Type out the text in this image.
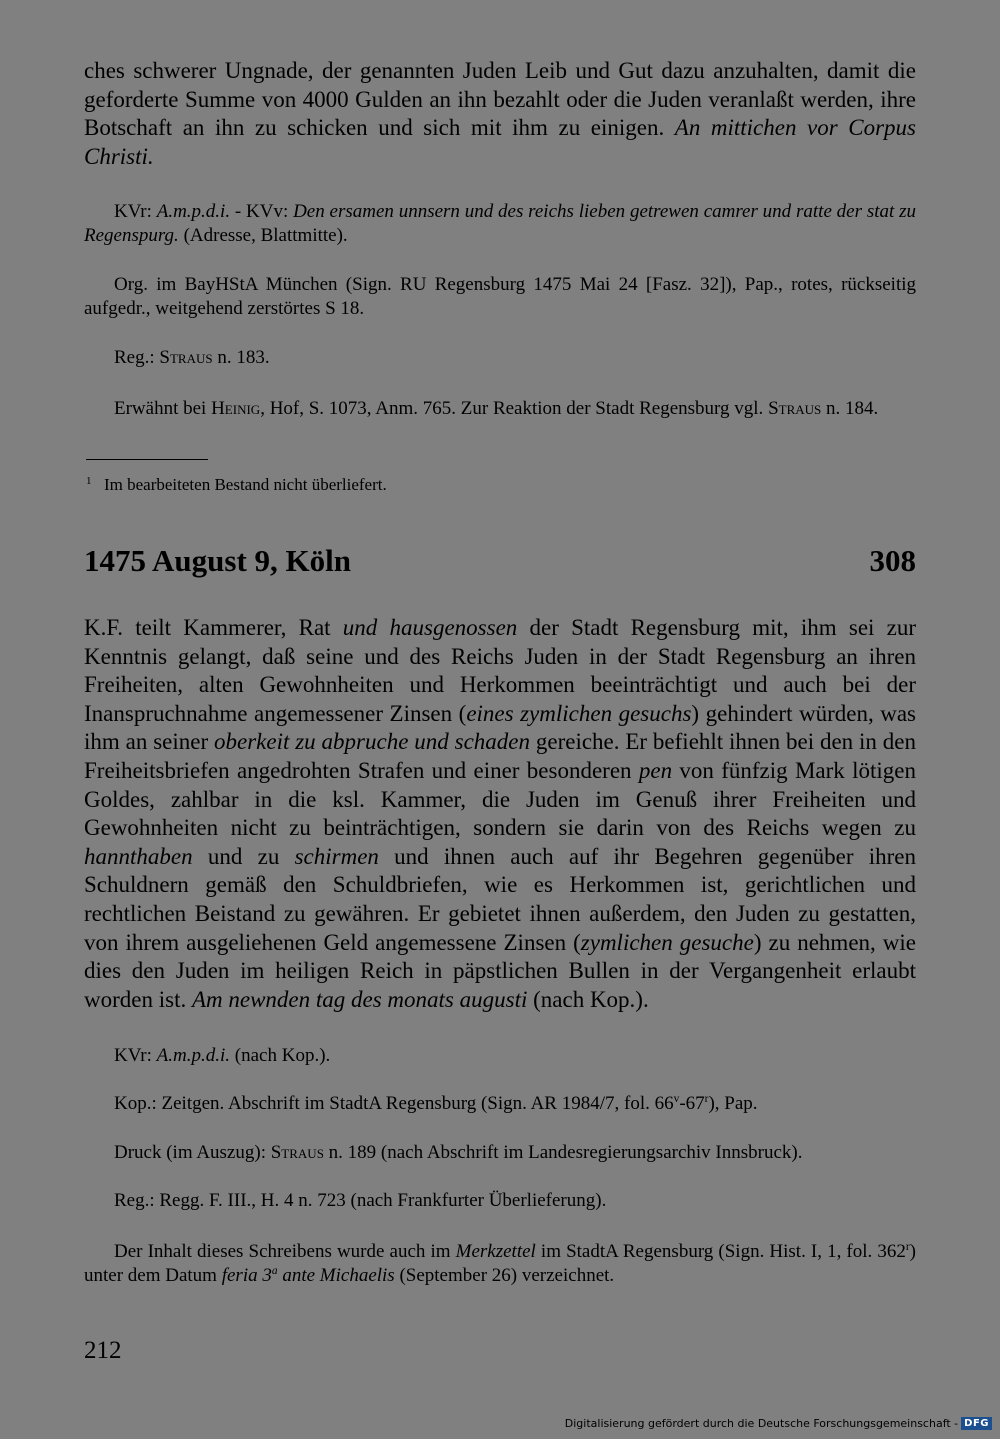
ches schwerer Ungnade, der genannten Juden Leib und Gut dazu anzuhalten, damit die geforderte Summe von 4000 Gulden an ihn bezahlt oder die Juden veranlaßt werden, ihre Botschaft an ihn zu schicken und sich mit ihm zu einigen. An mittichen vor Corpus Christi.

KVr: A.m.p.d.i. - KVv: Den ersamen unnsern und des reichs lieben getrewen camrer und ratte der stat zu Regenspurg. (Adresse, Blattmitte).

Org. im BayHStA München (Sign. RU Regensburg 1475 Mai 24 [Fasz. 32]), Pap., rotes, rückseitig aufgedr., weitgehend zerstörtes S 18.

Reg.: Straus n. 183.

Erwähnt bei Heinig, Hof, S. 1073, Anm. 765. Zur Reaktion der Stadt Regensburg vgl. Straus n. 184.

1 Im bearbeiteten Bestand nicht überliefert.
1475 August 9, Köln	308

K.F. teilt Kammerer, Rat und hausgenossen der Stadt Regensburg mit, ihm sei zur Kenntnis gelangt, daß seine und des Reichs Juden in der Stadt Regensburg an ihren Freiheiten, alten Gewohnheiten und Herkommen beeinträchtigt und auch bei der Inanspruchnahme angemessener Zinsen (eines zymlichen gesuchs) gehindert würden, was ihm an seiner oberkeit zu abpruche und schaden gereiche. Er befiehlt ihnen bei den in den Freiheitsbriefen angedrohten Strafen und einer besonderen pen von fünfzig Mark lötigen Goldes, zahlbar in die ksl. Kammer, die Juden im Genuß ihrer Freiheiten und Gewohnheiten nicht zu beinträchtigen, sondern sie darin von des Reichs wegen zu hannthaben und zu schirmen und ihnen auch auf ihr Begehren gegenüber ihren Schuldnern gemäß den Schuldbriefen, wie es Herkommen ist, gerichtlichen und rechtlichen Beistand zu gewähren. Er gebietet ihnen außerdem, den Juden zu gestatten, von ihrem ausgeliehenen Geld angemessene Zinsen (zymlichen gesuche) zu nehmen, wie dies den Juden im heiligen Reich in päpstlichen Bullen in der Vergangenheit erlaubt worden ist. Am newnden tag des monats augusti (nach Kop.).

KVr: A.m.p.d.i. (nach Kop.).

Kop.: Zeitgen. Abschrift im StadtA Regensburg (Sign. AR 1984/7, fol. 66$^v$-67$^r$), Pap.

Druck (im Auszug): Straus n. 189 (nach Abschrift im Landesregierungsarchiv Innsbruck).

Reg.: Regg. F. III., H. 4 n. 723 (nach Frankfurter Überlieferung).

Der Inhalt dieses Schreibens wurde auch im Merkzettel im StadtA Regensburg (Sign. Hist. I, 1, fol. 362$^r$) unter dem Datum feria 3$^a$ ante Michaelis (September 26) verzeichnet.

212
Digitalisierung gefördert durch die Deutsche Forschungsgemeinschaft - DFG
